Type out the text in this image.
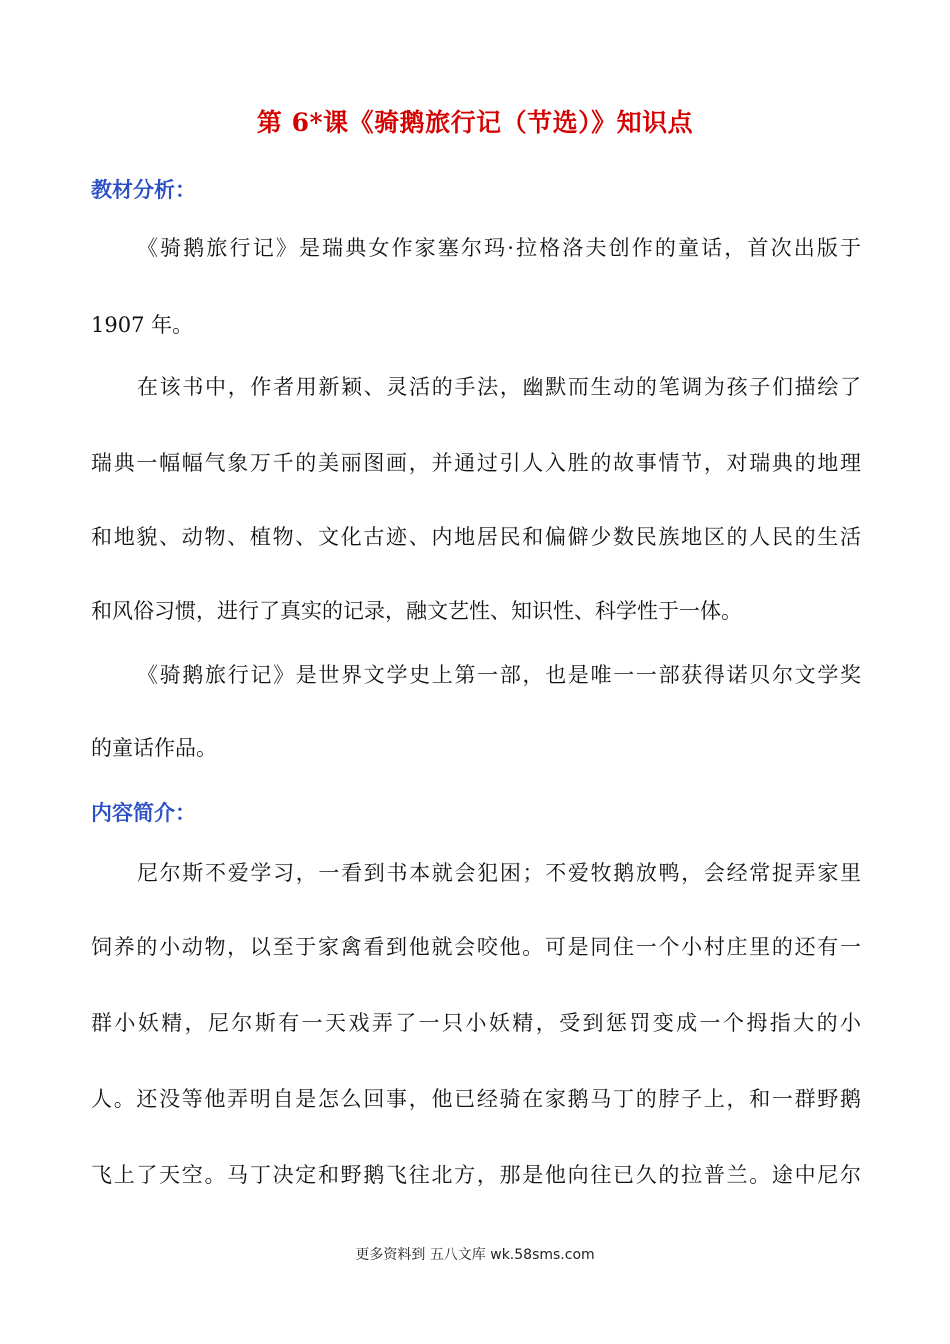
第 6*课《骑鹅旅行记（节选）》知识点
教材分析：
《骑鹅旅行记》是瑞典女作家塞尔玛·拉格洛夫创作的童话，首次出版于
1907 年。
在该书中，作者用新颖、灵活的手法，幽默而生动的笔调为孩子们描绘了
瑞典一幅幅气象万千的美丽图画，并通过引人入胜的故事情节，对瑞典的地理
和地貌、动物、植物、文化古迹、内地居民和偏僻少数民族地区的人民的生活
和风俗习惯，进行了真实的记录，融文艺性、知识性、科学性于一体。
《骑鹅旅行记》是世界文学史上第一部，也是唯一一部获得诺贝尔文学奖
的童话作品。
内容简介：
尼尔斯不爱学习，一看到书本就会犯困；不爱牧鹅放鸭，会经常捉弄家里
饲养的小动物，以至于家禽看到他就会咬他。可是同住一个小村庄里的还有一
群小妖精，尼尔斯有一天戏弄了一只小妖精，受到惩罚变成一个拇指大的小
人。还没等他弄明自是怎么回事，他已经骑在家鹅马丁的脖子上，和一群野鹅
飞上了天空。马丁决定和野鹅飞往北方，那是他向往已久的拉普兰。途中尼尔
更多资料到 五八文库 wk.58sms.com
